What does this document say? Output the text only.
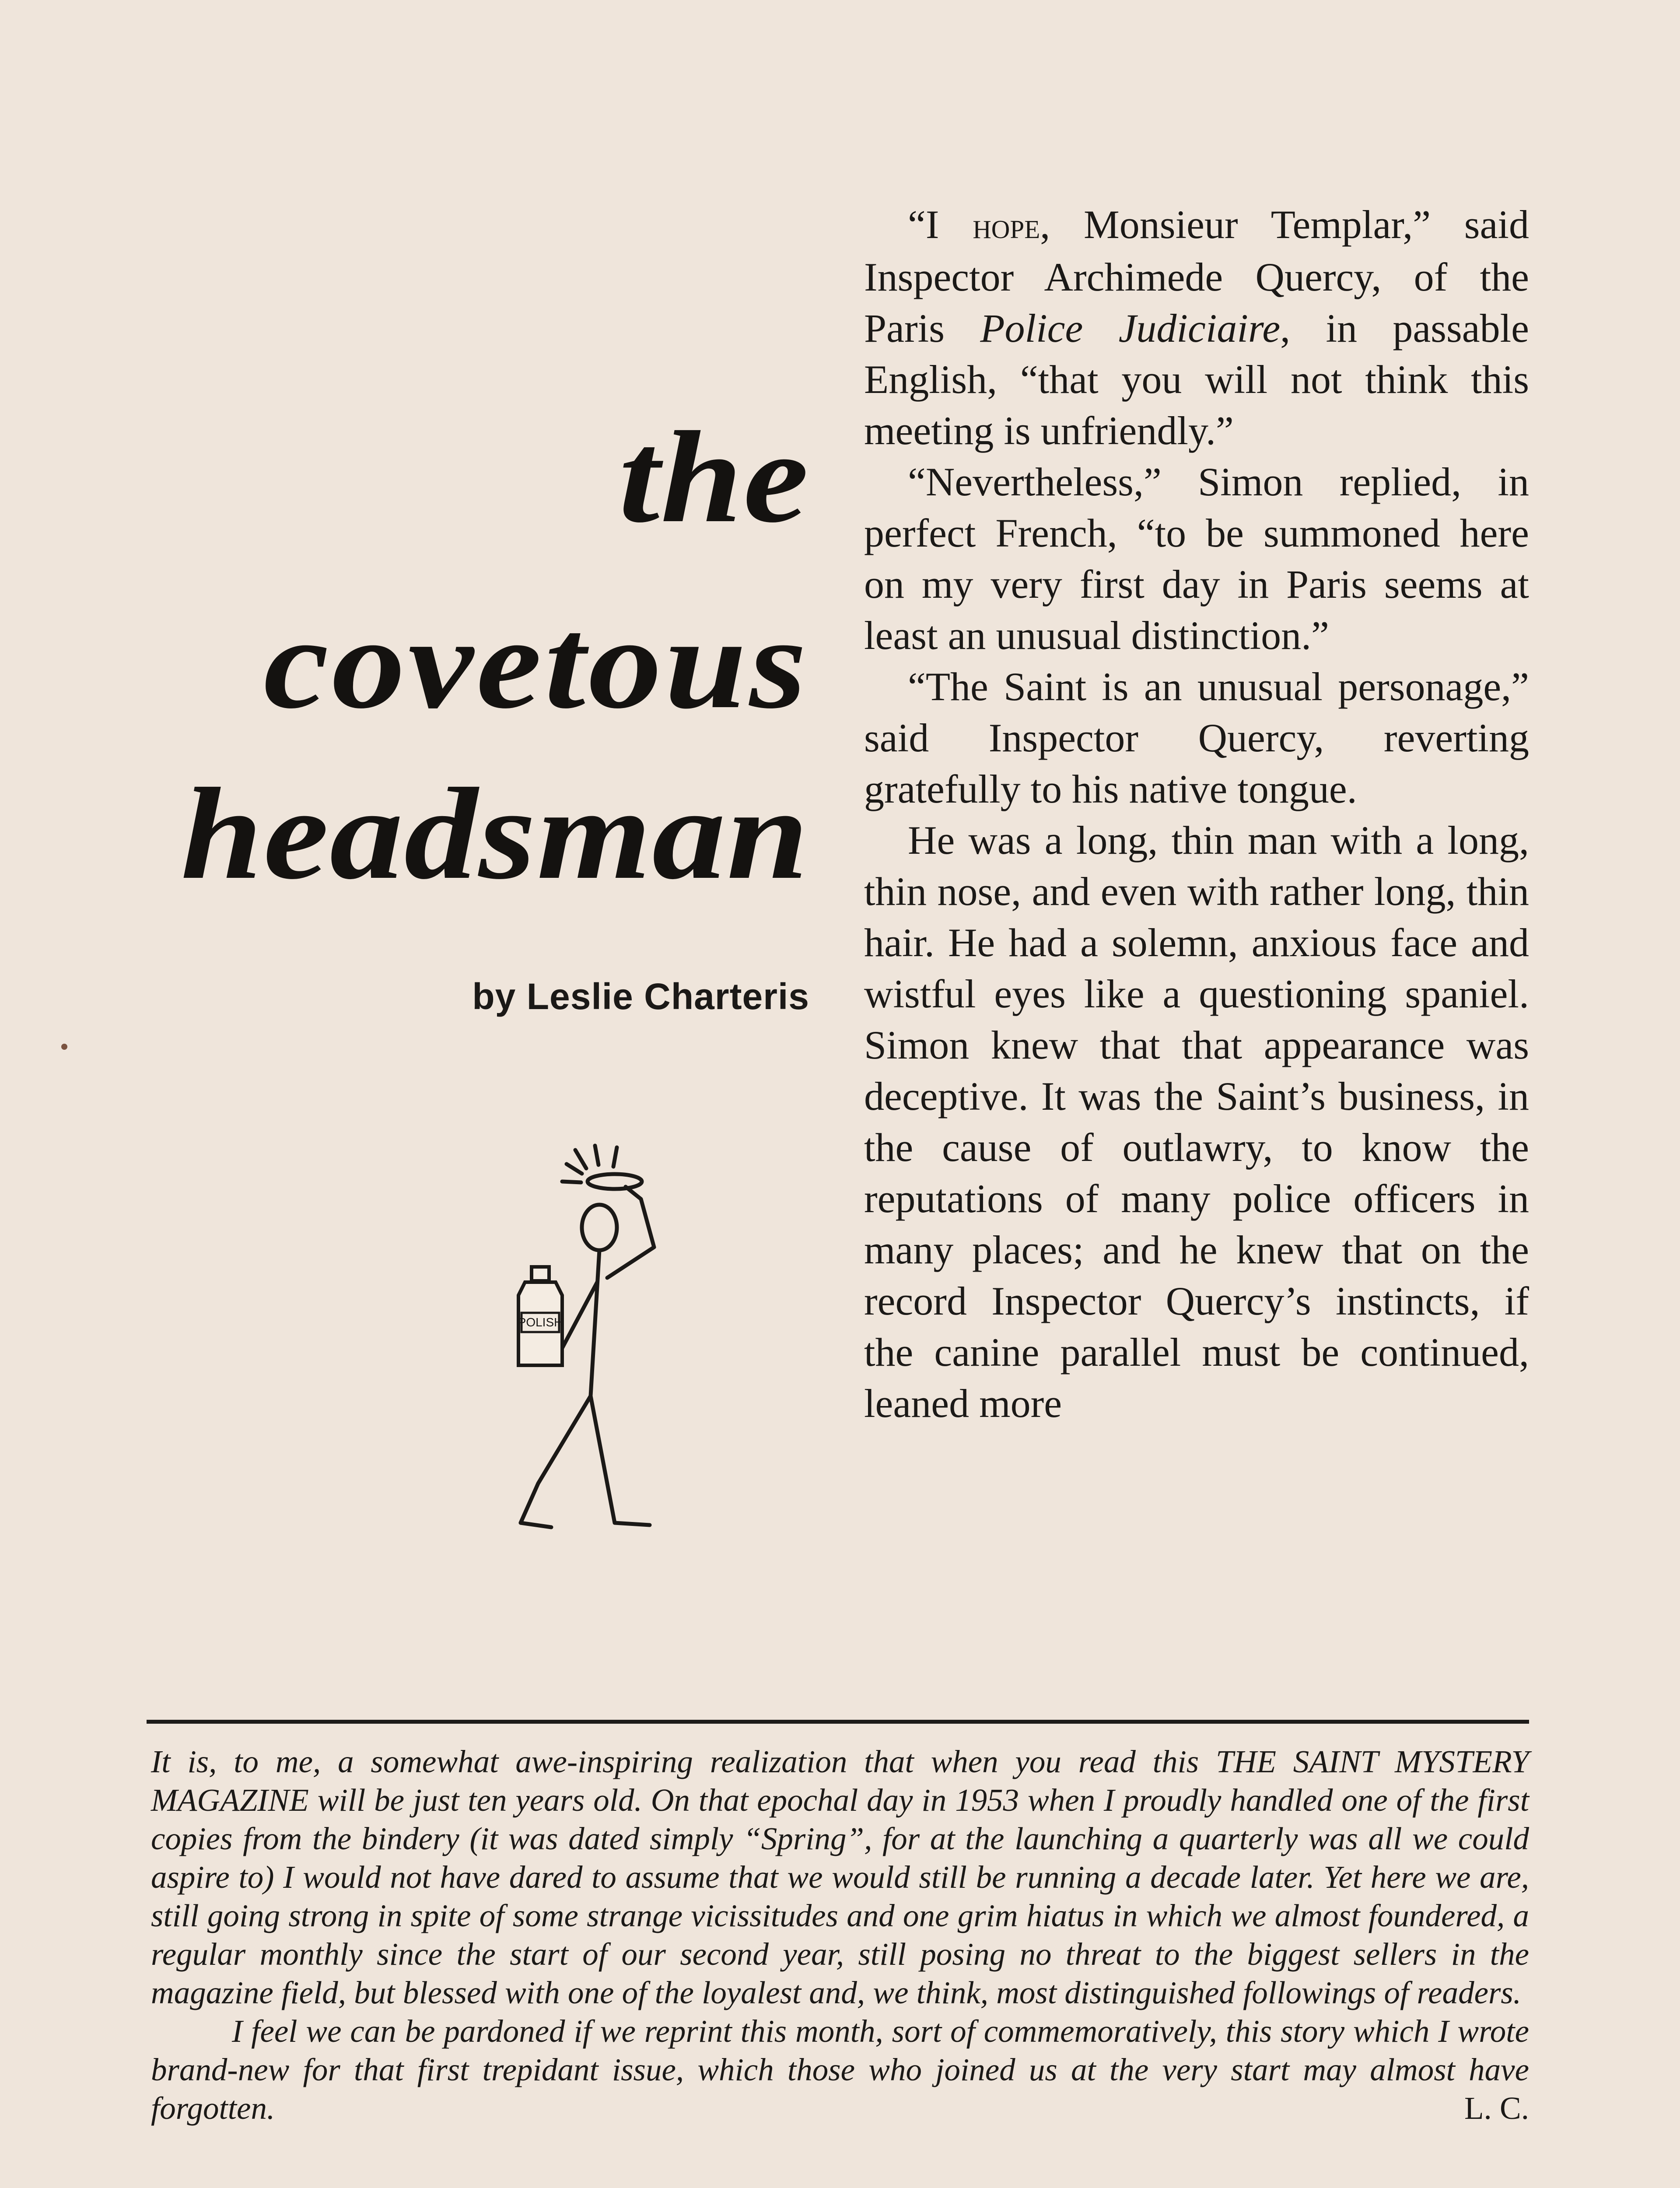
the
covetous
headsman

by Leslie Charteris

POLISH

“I hope, Monsieur Templar,” said Inspector Archimede Quercy, of the Paris Police Judiciaire, in passable English, “that you will not think this meeting is unfriendly.”

“Nevertheless,” Simon replied, in perfect French, “to be summoned here on my very first day in Paris seems at least an unusual distinction.”

“The Saint is an unusual personage,” said Inspector Quercy, reverting gratefully to his native tongue.

He was a long, thin man with a long, thin nose, and even with rather long, thin hair. He had a solemn, anxious face and wistful eyes like a questioning spaniel. Simon knew that that appearance was deceptive. It was the Saint’s business, in the cause of outlawry, to know the reputations of many police officers in many places; and he knew that on the record Inspector Quercy’s instincts, if the canine parallel must be continued, leaned more

It is, to me, a somewhat awe-inspiring realization that when you read this THE SAINT MYSTERY MAGAZINE will be just ten years old. On that epochal day in 1953 when I proudly handled one of the first copies from the bindery (it was dated simply “Spring”, for at the launching a quarterly was all we could aspire to) I would not have dared to assume that we would still be running a decade later. Yet here we are, still going strong in spite of some strange vicissitudes and one grim hiatus in which we almost foundered, a regular monthly since the start of our second year, still posing no threat to the biggest sellers in the magazine field, but blessed with one of the loyalest and, we think, most distinguished followings of readers.

I feel we can be pardoned if we reprint this month, sort of commemoratively, this story which I wrote brand-new for that first trepidant issue, which those who joined us at the very start may almost have forgotten.	L. C.
